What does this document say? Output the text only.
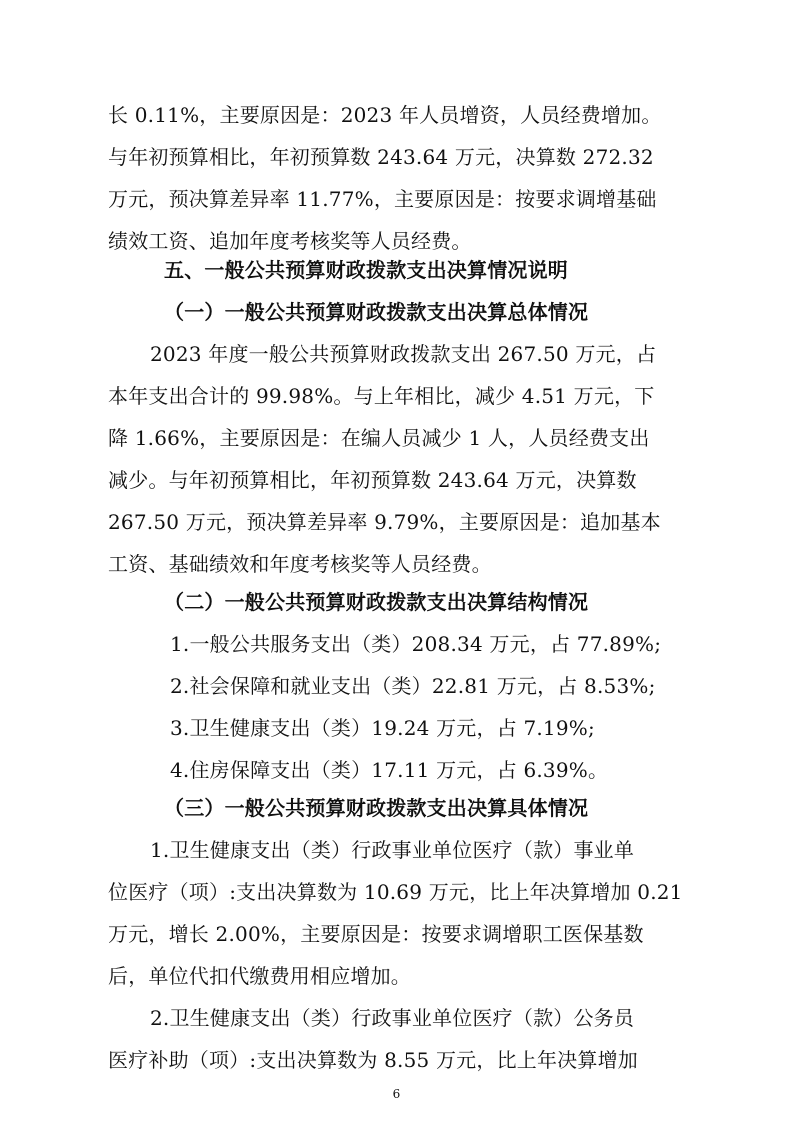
长 0.11%，主要原因是：2023 年人员增资，人员经费增加。
与年初预算相比，年初预算数 243.64 万元，决算数 272.32
万元，预决算差异率 11.77%，主要原因是：按要求调增基础
绩效工资、追加年度考核奖等人员经费。
五、一般公共预算财政拨款支出决算情况说明
（一）一般公共预算财政拨款支出决算总体情况
2023 年度一般公共预算财政拨款支出 267.50 万元，占
本年支出合计的 99.98%。与上年相比，减少 4.51 万元，下
降 1.66%，主要原因是：在编人员减少 1 人，人员经费支出
减少。与年初预算相比，年初预算数 243.64 万元，决算数
267.50 万元，预决算差异率 9.79%，主要原因是：追加基本
工资、基础绩效和年度考核奖等人员经费。
（二）一般公共预算财政拨款支出决算结构情况
1.一般公共服务支出（类）208.34 万元，占 77.89%;
2.社会保障和就业支出（类）22.81 万元，占 8.53%;
3.卫生健康支出（类）19.24 万元，占 7.19%;
4.住房保障支出（类）17.11 万元，占 6.39%。
（三）一般公共预算财政拨款支出决算具体情况
1.卫生健康支出（类）行政事业单位医疗（款）事业单
位医疗（项）:支出决算数为 10.69 万元，比上年决算增加 0.21
万元，增长 2.00%，主要原因是：按要求调增职工医保基数
后，单位代扣代缴费用相应增加。
2.卫生健康支出（类）行政事业单位医疗（款）公务员
医疗补助（项）:支出决算数为 8.55 万元，比上年决算增加
6
